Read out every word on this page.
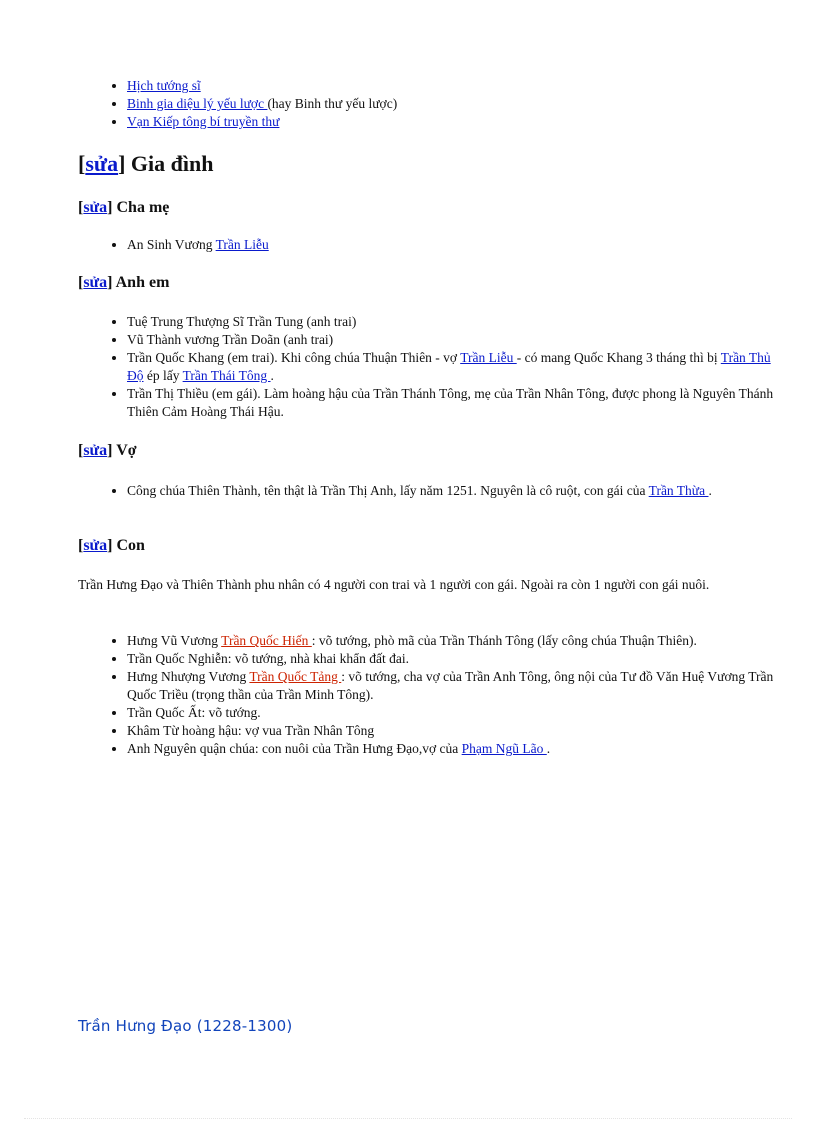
• Hịch tướng sĩ
• Binh gia diệu lý yếu lược (hay Binh thư yếu lược)
• Vạn Kiếp tông bí truyền thư
[sửa] Gia đình
[sửa] Cha mẹ
• An Sinh Vương Trần Liễu
[sửa] Anh em
• Tuệ Trung Thượng Sĩ Trần Tung (anh trai)
• Vũ Thành vương Trần Doãn (anh trai)
• Trần Quốc Khang (em trai). Khi công chúa Thuận Thiên - vợ Trần Liễu - có mang Quốc Khang 3 tháng thì bị Trần Thủ Độ ép lấy Trần Thái Tông .
• Trần Thị Thiều (em gái). Làm hoàng hậu của Trần Thánh Tông, mẹ của Trần Nhân Tông, được phong là Nguyên Thánh Thiên Cảm Hoàng Thái Hậu.
[sửa] Vợ
• Công chúa Thiên Thành, tên thật là Trần Thị Anh, lấy năm 1251. Nguyên là cô ruột, con gái của Trần Thừa .
[sửa] Con

Trần Hưng Đạo và Thiên Thành phu nhân có 4 người con trai và 1 người con gái. Ngoài ra còn 1 người con gái nuôi.

• Hưng Vũ Vương Trần Quốc Hiến : võ tướng, phò mã của Trần Thánh Tông (lấy công chúa Thuận Thiên).
• Trần Quốc Nghiễn: võ tướng, nhà khai khẩn đất đai.
• Hưng Nhượng Vương Trần Quốc Tảng : võ tướng, cha vợ của Trần Anh Tông, ông nội của Tư đồ Văn Huệ Vương Trần Quốc Triều (trọng thần của Trần Minh Tông).
• Trần Quốc Ất: võ tướng.
• Khâm Từ hoàng hậu: vợ vua Trần Nhân Tông
• Anh Nguyên quận chúa: con nuôi của Trần Hưng Đạo,vợ của Phạm Ngũ Lão .
Trần Hưng Đạo (1228-1300)
